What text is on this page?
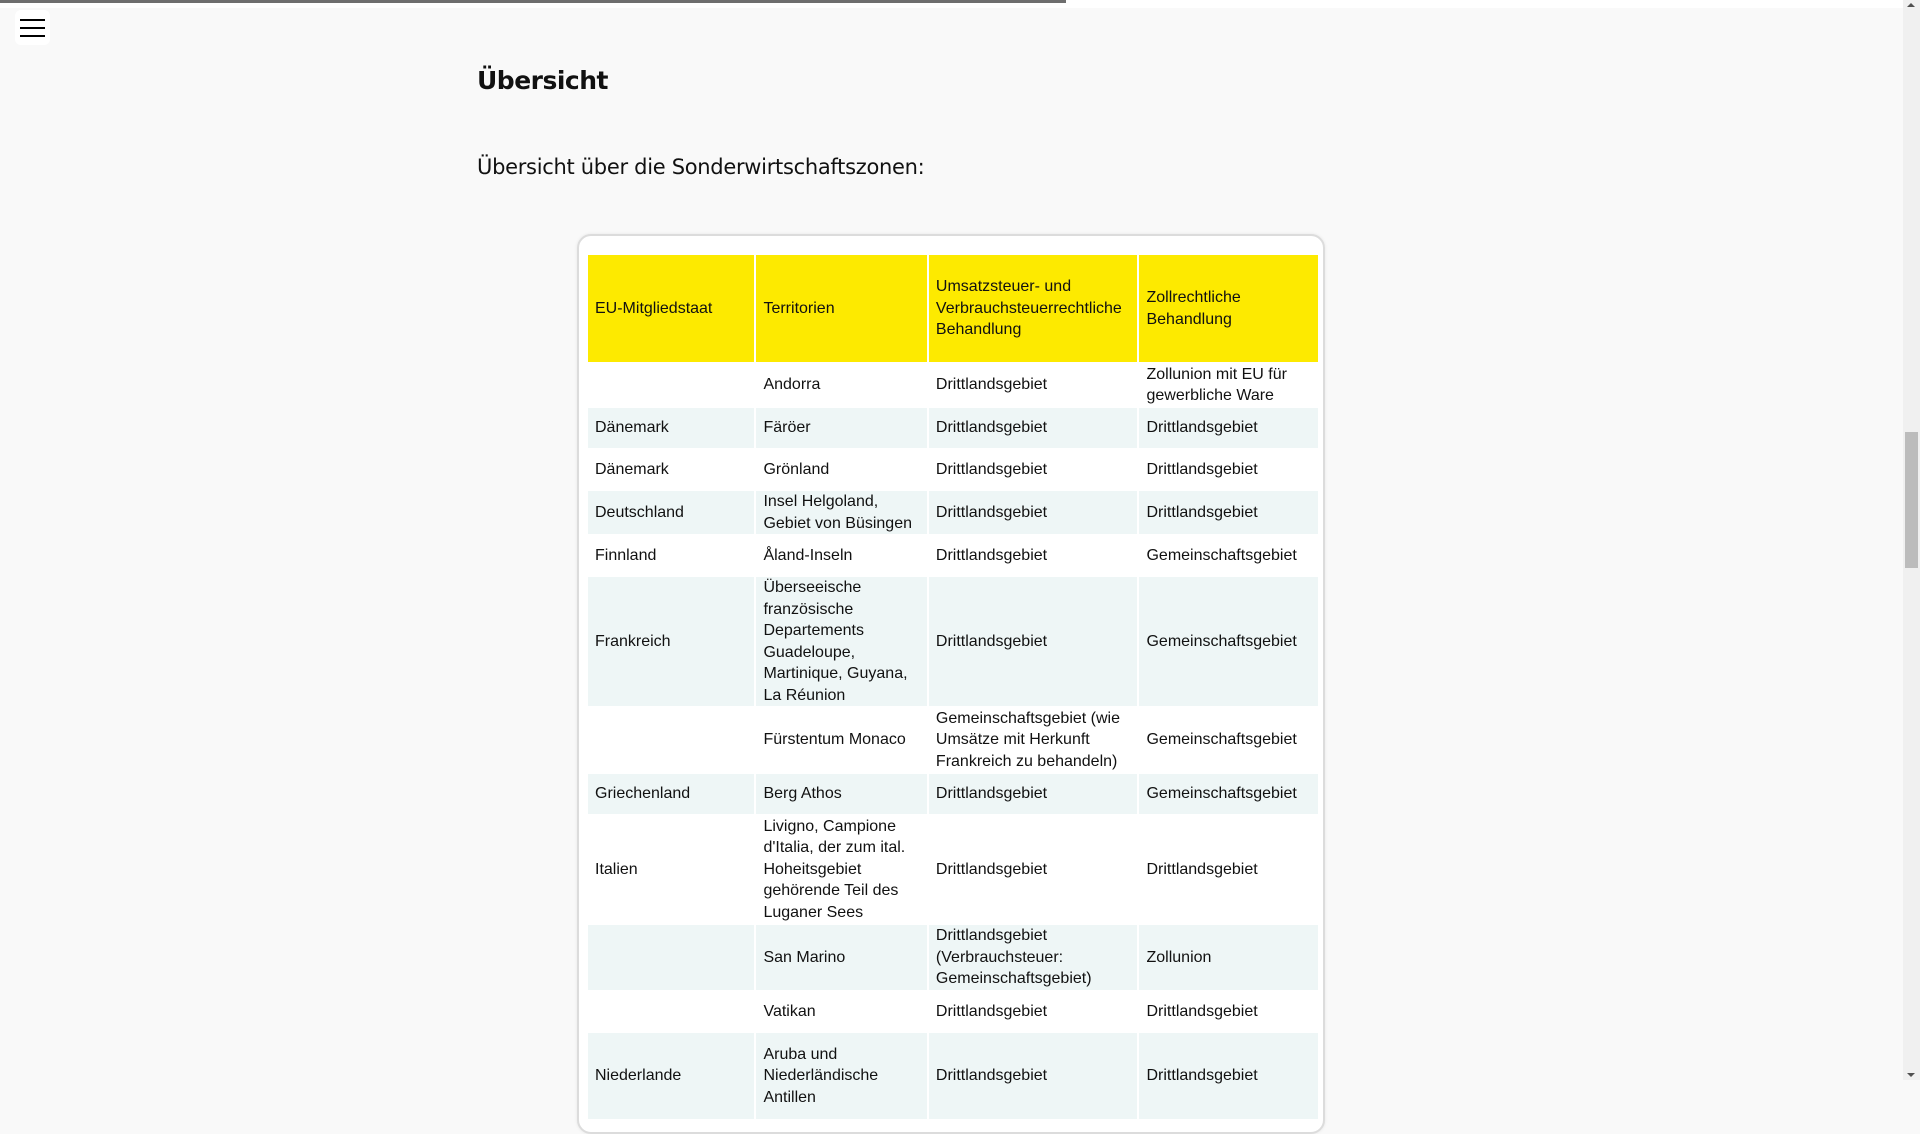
Übersicht

Übersicht über die Sonderwirtschaftszonen:

EU-Mitgliedstaat	Territorien	Umsatzsteuer- und Verbrauchsteuerrechtliche Behandlung	Zollrechtliche Behandlung
	Andorra	Drittlandsgebiet	Zollunion mit EU für gewerbliche Ware
Dänemark	Färöer	Drittlandsgebiet	Drittlandsgebiet
Dänemark	Grönland	Drittlandsgebiet	Drittlandsgebiet
Deutschland	Insel Helgoland, Gebiet von Büsingen	Drittlandsgebiet	Drittlandsgebiet
Finnland	Åland-Inseln	Drittlandsgebiet	Gemeinschaftsgebiet
Frankreich	Überseeische französische Departements Guadeloupe, Martinique, Guyana, La Réunion	Drittlandsgebiet	Gemeinschaftsgebiet
	Fürstentum Monaco	Gemeinschaftsgebiet (wie Umsätze mit Herkunft Frankreich zu behandeln)	Gemeinschaftsgebiet
Griechenland	Berg Athos	Drittlandsgebiet	Gemeinschaftsgebiet
Italien	Livigno, Campione d'Italia, der zum ital. Hoheitsgebiet gehörende Teil des Luganer Sees	Drittlandsgebiet	Drittlandsgebiet
	San Marino	Drittlandsgebiet (Verbrauchsteuer: Gemeinschaftsgebiet)	Zollunion
	Vatikan	Drittlandsgebiet	Drittlandsgebiet
Niederlande	Aruba und Niederländische Antillen	Drittlandsgebiet	Drittlandsgebiet
